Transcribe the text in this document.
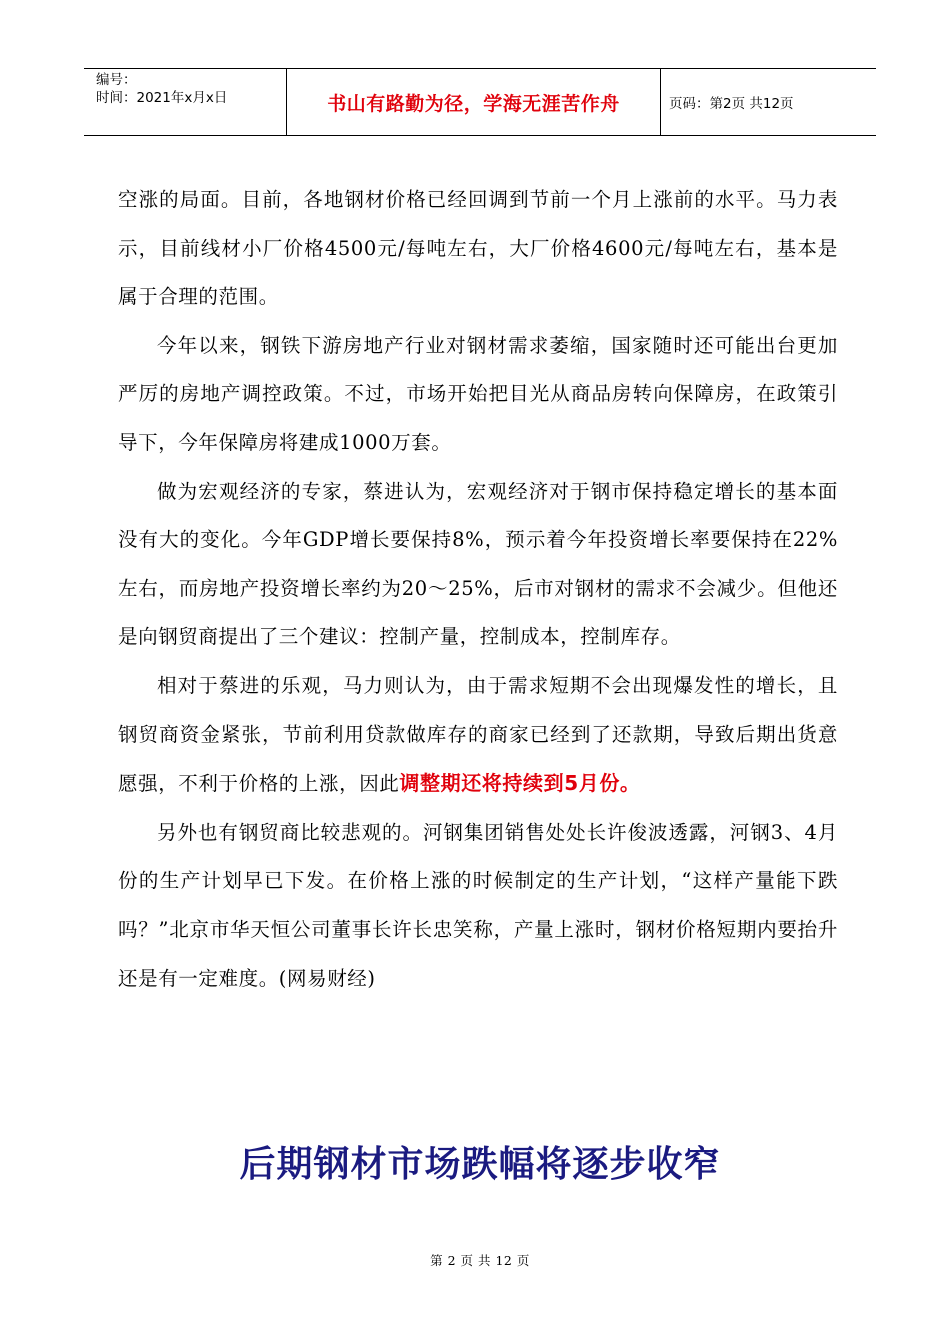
编号：
时间：2021年x月x日	书山有路勤为径，学海无涯苦作舟	页码：第2页 共12页

空涨的局面。目前，各地钢材价格已经回调到节前一个月上涨前的水平。马力表示，目前线材小厂价格4500元/每吨左右，大厂价格4600元/每吨左右，基本是属于合理的范围。

今年以来，钢铁下游房地产行业对钢材需求萎缩，国家随时还可能出台更加严厉的房地产调控政策。不过，市场开始把目光从商品房转向保障房，在政策引导下，今年保障房将建成1000万套。

做为宏观经济的专家，蔡进认为，宏观经济对于钢市保持稳定增长的基本面没有大的变化。今年GDP增长要保持8%，预示着今年投资增长率要保持在22%左右，而房地产投资增长率约为20～25%，后市对钢材的需求不会减少。但他还是向钢贸商提出了三个建议：控制产量，控制成本，控制库存。

相对于蔡进的乐观，马力则认为，由于需求短期不会出现爆发性的增长，且钢贸商资金紧张，节前利用贷款做库存的商家已经到了还款期，导致后期出货意愿强，不利于价格的上涨，因此调整期还将持续到5月份。

另外也有钢贸商比较悲观的。河钢集团销售处处长许俊波透露，河钢3、4月份的生产计划早已下发。在价格上涨的时候制定的生产计划，“这样产量能下跌吗？”北京市华天恒公司董事长许长忠笑称，产量上涨时，钢材价格短期内要抬升还是有一定难度。(网易财经)

后期钢材市场跌幅将逐步收窄
第 2 页 共 12 页
